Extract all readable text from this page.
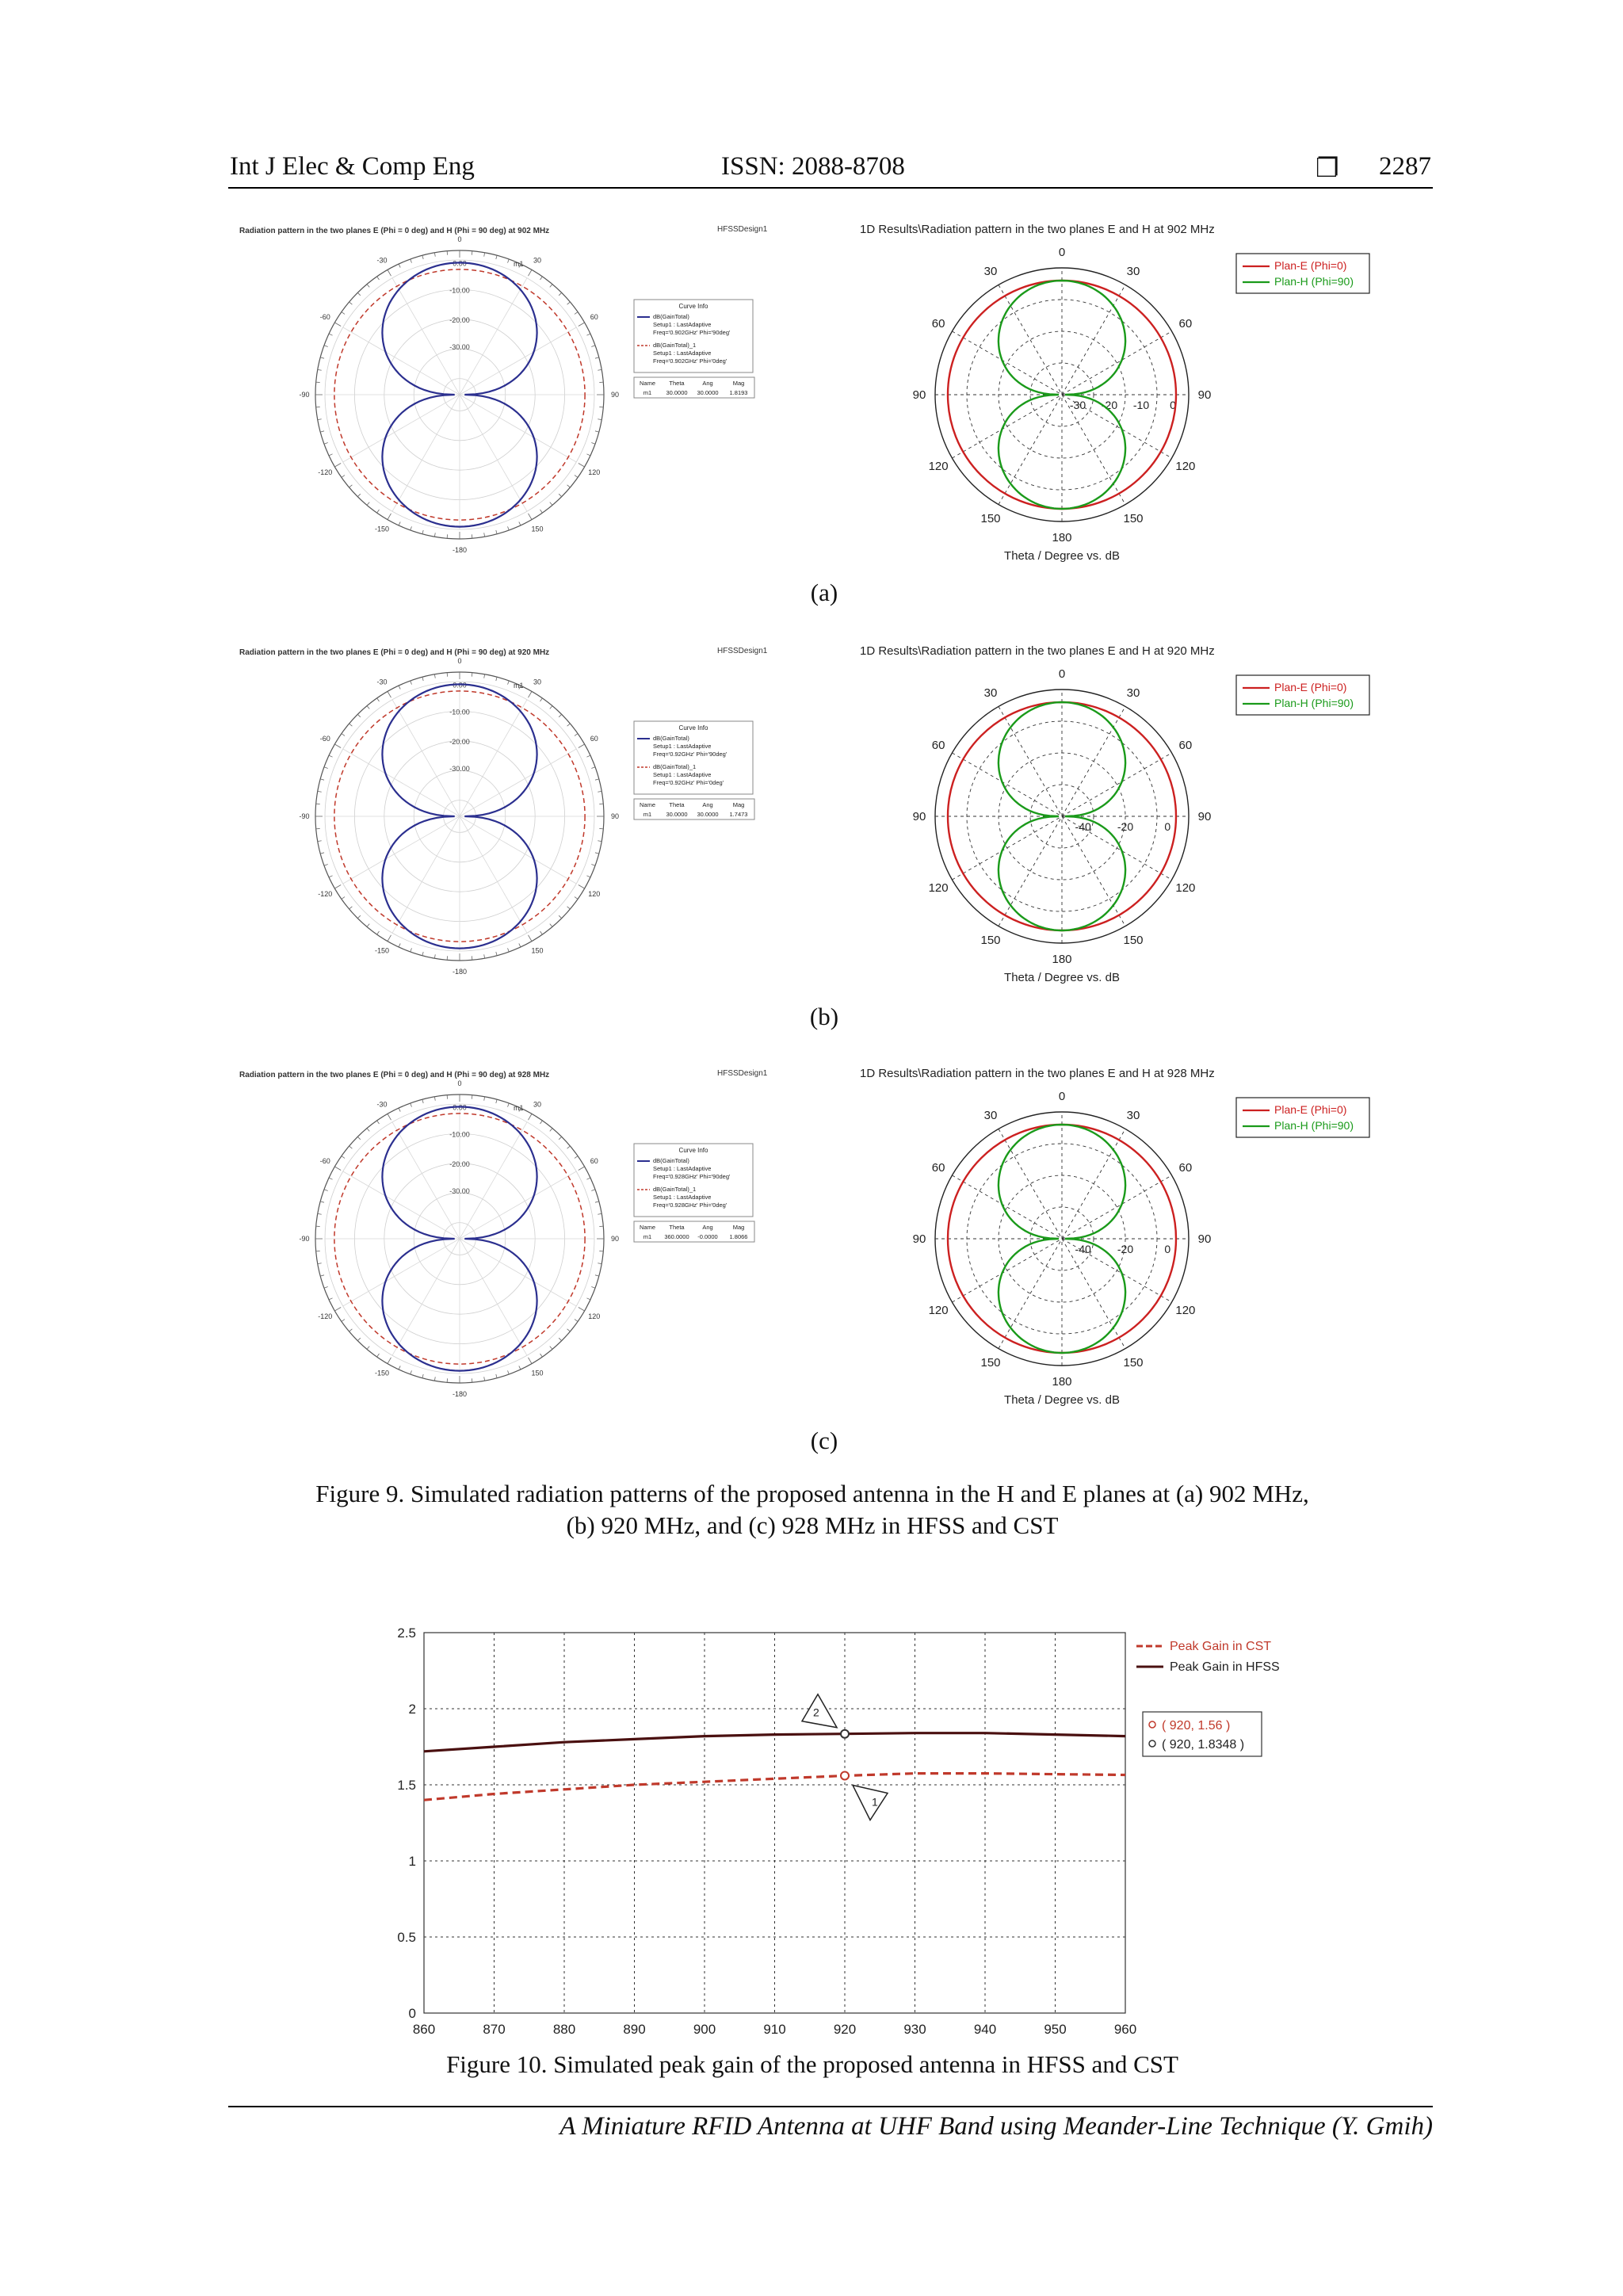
Int J Elec & Comp Eng	ISSN: 2088-8708	❐ 2287
Radiation pattern in the two planes E (Phi = 0 deg) and H (Phi = 90 deg) at 902 MHz	HFSSDesign1
0
30
60
90
120
150
-180
-150
-120
-90
-60
-30	0.00
-10.00
-20.00
-30.00
m1
Curve Info
dB(GainTotal)
Setup1 : LastAdaptive
Freq='0.902GHz' Phi='90deg'
dB(GainTotal)_1
Setup1 : LastAdaptive
Freq='0.902GHz' Phi='0deg'
Name
m1
Theta
30.0000
Ang
30.0000
Mag
1.8193
1D Results\Radiation pattern in the two planes E and H at 902 MHz
0
30
60
90
120
150
180
150
120
90
60
30
-30 -20 -10 0
Theta / Degree vs. dB
Plan-E (Phi=0)
Plan-H (Phi=90)
(a)
Radiation pattern in the two planes E (Phi = 0 deg) and H (Phi = 90 deg) at 920 MHz	HFSSDesign1
0
30
60
90
120
150
-180
-150
-120
-90
-60
-30	0.00
-10.00
-20.00
-30.00
m1
Curve Info
dB(GainTotal)
Setup1 : LastAdaptive
Freq='0.92GHz' Phi='90deg'
dB(GainTotal)_1
Setup1 : LastAdaptive
Freq='0.92GHz' Phi='0deg'
Name
m1
Theta
30.0000
Ang
30.0000
Mag
1.7473
1D Results\Radiation pattern in the two planes E and H at 920 MHz
0
30
60
90
120
150
180
150
120
90
60
30
-40 -20	0
Theta / Degree vs. dB
Plan-E (Phi=0)
Plan-H (Phi=90)
(b)
Radiation pattern in the two planes E (Phi = 0 deg) and H (Phi = 90 deg) at 928 MHz	HFSSDesign1
0
30
60
90
120
150
-180
-150
-120
-90
-60
-30	0.00
-10.00
-20.00
-30.00
m1
Curve Info
dB(GainTotal)
Setup1 : LastAdaptive
Freq='0.928GHz' Phi='90deg'
dB(GainTotal)_1
Setup1 : LastAdaptive
Freq='0.928GHz' Phi='0deg'
Name
m1
Theta
360.0000
Ang
-0.0000
Mag
1.8066
1D Results\Radiation pattern in the two planes E and H at 928 MHz
0
30
60
90
120
150
180
150
120
90
60
30
-40 -20	0
Theta / Degree vs. dB
Plan-E (Phi=0)
Plan-H (Phi=90)
(c)
Figure 9. Simulated radiation patterns of the proposed antenna in the H and E planes at (a) 902 MHz,
(b) 920 MHz, and (c) 928 MHz in HFSS and CST
860	870	880	890	900	910	920	930	940	950	960
0
0.5
1
1.5
2
2.5
Peak Gain in CST
Peak Gain in HFSS
1
2
( 920, 1.56 )
( 920, 1.8348 )
Figure 10. Simulated peak gain of the proposed antenna in HFSS and CST
A Miniature RFID Antenna at UHF Band using Meander-Line Technique (Y. Gmih)
